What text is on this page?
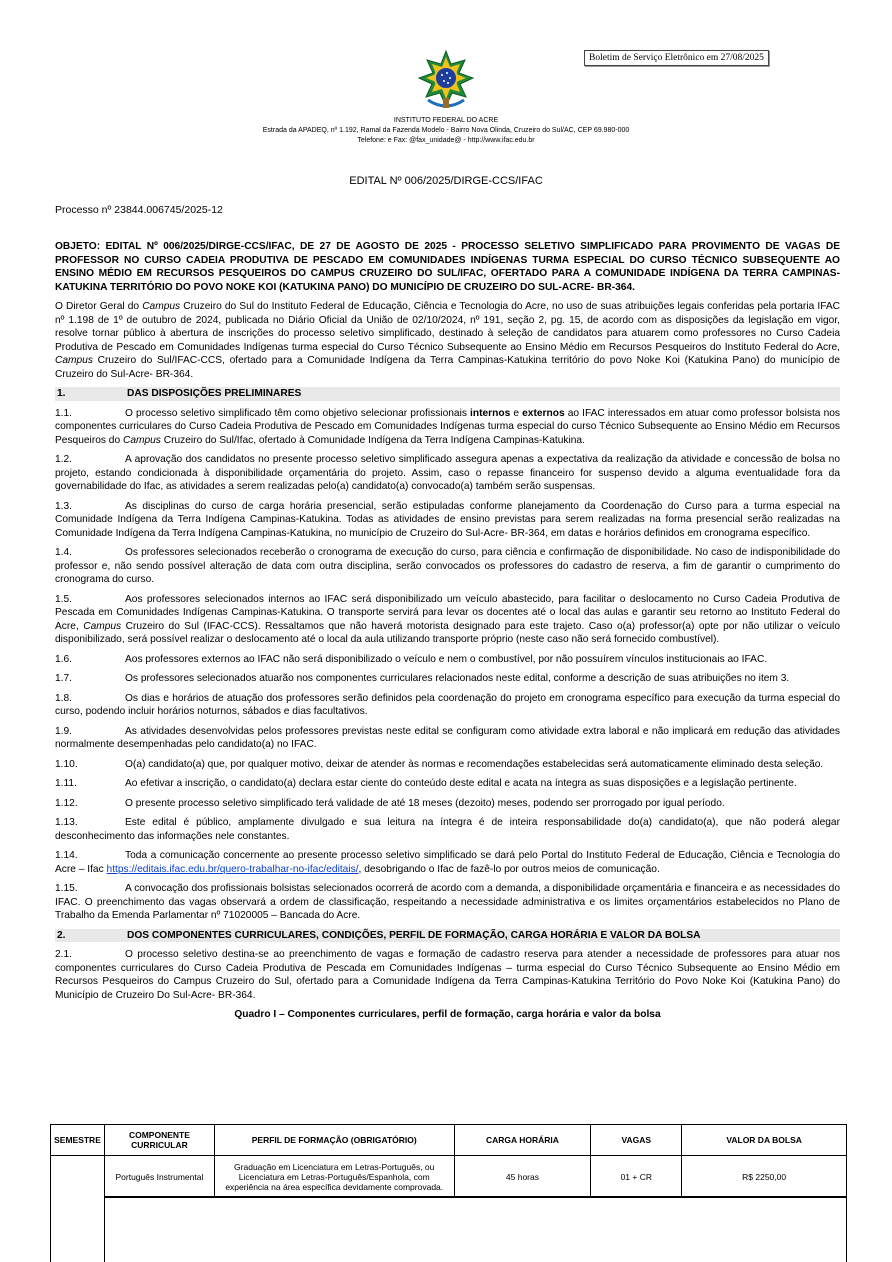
Boletim de Serviço Eletrônico em 27/08/2025
INSTITUTO FEDERAL DO ACRE
Estrada da APADEQ, nº 1.192, Ramal da Fazenda Modelo - Bairro Nova Olinda, Cruzeiro do Sul/AC, CEP 69.980-000
Telefone: e Fax: @fax_unidade@ - http://www.ifac.edu.br
EDITAL Nº 006/2025/DIRGE-CCS/IFAC
Processo nº 23844.006745/2025-12

OBJETO: EDITAL Nº 006/2025/DIRGE-CCS/IFAC, DE 27 DE AGOSTO DE 2025 - PROCESSO SELETIVO SIMPLIFICADO PARA PROVIMENTO DE VAGAS DE PROFESSOR NO CURSO CADEIA PRODUTIVA DE PESCADO EM COMUNIDADES INDÍGENAS TURMA ESPECIAL DO CURSO TÉCNICO SUBSEQUENTE AO ENSINO MÉDIO EM RECURSOS PESQUEIROS DO CAMPUS CRUZEIRO DO SUL/IFAC, OFERTADO PARA A COMUNIDADE INDÍGENA DA TERRA CAMPINAS-KATUKINA TERRITÓRIO DO POVO NOKE KOI (KATUKINA PANO) DO MUNICÍPIO DE CRUZEIRO DO SUL-ACRE- BR-364.

O Diretor Geral do Campus Cruzeiro do Sul do Instituto Federal de Educação, Ciência e Tecnologia do Acre, no uso de suas atribuições legais conferidas pela portaria IFAC nº 1.198 de 1º de outubro de 2024, publicada no Diário Oficial da União de 02/10/2024, nº 191, seção 2, pg. 15, de acordo com as disposições da legislação em vigor, resolve tornar público à abertura de inscrições do processo seletivo simplificado, destinado à seleção de candidatos para atuarem como professores no Curso Cadeia Produtiva de Pescado em Comunidades Indígenas turma especial do Curso Técnico Subsequente ao Ensino Médio em Recursos Pesqueiros do Instituto Federal do Acre, Campus Cruzeiro do Sul/IFAC-CCS, ofertado para a Comunidade Indígena da Terra Campinas-Katukina território do povo Noke Koi (Katukina Pano) do município de Cruzeiro do Sul-Acre- BR-364.

1.	DAS DISPOSIÇÕES PRELIMINARES

1.1.	O processo seletivo simplificado têm como objetivo selecionar profissionais internos e externos ao IFAC interessados em atuar como professor bolsista nos componentes curriculares do Curso Cadeia Produtiva de Pescado em Comunidades Indígenas turma especial do curso Técnico Subsequente ao Ensino Médio em Recursos Pesqueiros do Campus Cruzeiro do Sul/Ifac, ofertado à Comunidade Indígena da Terra Indígena Campinas-Katukina.

1.2.	A aprovação dos candidatos no presente processo seletivo simplificado assegura apenas a expectativa da realização da atividade e concessão de bolsa no projeto, estando condicionada à disponibilidade orçamentária do projeto. Assim, caso o repasse financeiro for suspenso devido a alguma eventualidade fora da governabilidade do Ifac, as atividades a serem realizadas pelo(a) candidato(a) convocado(a) também serão suspensas.

1.3.	As disciplinas do curso de carga horária presencial, serão estipuladas conforme planejamento da Coordenação do Curso para a turma especial na Comunidade Indígena da Terra Indígena Campinas-Katukina. Todas as atividades de ensino previstas para serem realizadas na forma presencial serão realizadas na Comunidade Indígena da Terra Indígena Campinas-Katukina, no município de Cruzeiro do Sul-Acre- BR-364, em datas e horários definidos em cronograma específico.

1.4.	Os professores selecionados receberão o cronograma de execução do curso, para ciência e confirmação de disponibilidade. No caso de indisponibilidade do professor e, não sendo possível alteração de data com outra disciplina, serão convocados os professores do cadastro de reserva, a fim de garantir o cumprimento do cronograma do curso.

1.5.	Aos professores selecionados internos ao IFAC será disponibilizado um veículo abastecido, para facilitar o deslocamento no Curso Cadeia Produtiva de Pescada em Comunidades Indígenas Campinas-Katukina. O transporte servirá para levar os docentes até o local das aulas e garantir seu retorno ao Instituto Federal do Acre, Campus Cruzeiro do Sul (IFAC-CCS). Ressaltamos que não haverá motorista designado para este trajeto. Caso o(a) professor(a) opte por não utilizar o veículo disponibilizado, será possível realizar o deslocamento até o local da aula utilizando transporte próprio (neste caso não será fornecido combustível).

1.6.	Aos professores externos ao IFAC não será disponibilizado o veículo e nem o combustível, por não possuírem vínculos institucionais ao IFAC.

1.7.	Os professores selecionados atuarão nos componentes curriculares relacionados neste edital, conforme a descrição de suas atribuições no item 3.

1.8.	Os dias e horários de atuação dos professores serão definidos pela coordenação do projeto em cronograma específico para execução da turma especial do curso, podendo incluir horários noturnos, sábados e dias facultativos.

1.9.	As atividades desenvolvidas pelos professores previstas neste edital se configuram como atividade extra laboral e não implicará em redução das atividades normalmente desempenhadas pelo candidato(a) no IFAC.

1.10.	O(a) candidato(a) que, por qualquer motivo, deixar de atender às normas e recomendações estabelecidas será automaticamente eliminado desta seleção.

1.11.	Ao efetivar a inscrição, o candidato(a) declara estar ciente do conteúdo deste edital e acata na íntegra as suas disposições e a legislação pertinente.

1.12.	O presente processo seletivo simplificado terá validade de até 18 meses (dezoito) meses, podendo ser prorrogado por igual período.

1.13.	Este edital é público, amplamente divulgado e sua leitura na íntegra é de inteira responsabilidade do(a) candidato(a), que não poderá alegar desconhecimento das informações nele constantes.

1.14.	Toda a comunicação concernente ao presente processo seletivo simplificado se dará pelo Portal do Instituto Federal de Educação, Ciência e Tecnologia do Acre – Ifac https://editais.ifac.edu.br/quero-trabalhar-no-ifac/editais/, desobrigando o Ifac de fazê-lo por outros meios de comunicação.

1.15.	A convocação dos profissionais bolsistas selecionados ocorrerá de acordo com a demanda, a disponibilidade orçamentária e financeira e as necessidades do IFAC. O preenchimento das vagas observará a ordem de classificação, respeitando a necessidade administrativa e os limites orçamentários estabelecidos no Plano de Trabalho da Emenda Parlamentar nº 71020005 – Bancada do Acre.

2.	DOS COMPONENTES CURRICULARES, CONDIÇÕES, PERFIL DE FORMAÇÃO, CARGA HORÁRIA E VALOR DA BOLSA

2.1.	O processo seletivo destina-se ao preenchimento de vagas e formação de cadastro reserva para atender a necessidade de professores para atuar nos componentes curriculares do Curso Cadeia Produtiva de Pescada em Comunidades Indígenas – turma especial do Curso Técnico Subsequente ao Ensino Médio em Recursos Pesqueiros do Campus Cruzeiro do Sul, ofertado para a Comunidade Indígena da Terra Campinas-Katukina Território do Povo Noke Koi (Katukina Pano) do Município de Cruzeiro Do Sul-Acre- BR-364.

Quadro I – Componentes curriculares, perfil de formação, carga horária e valor da bolsa
SEMESTRE	COMPONENTE CURRICULAR	PERFIL DE FORMAÇÃO (OBRIGATÓRIO)	CARGA HORÁRIA	VAGAS	VALOR DA BOLSA
	Português Instrumental	Graduação em Licenciatura em Letras-Português, ou Licenciatura em Letras-Português/Espanhola, com experiência na área específica devidamente comprovada.	45 horas	01 + CR	R$ 2250,00
